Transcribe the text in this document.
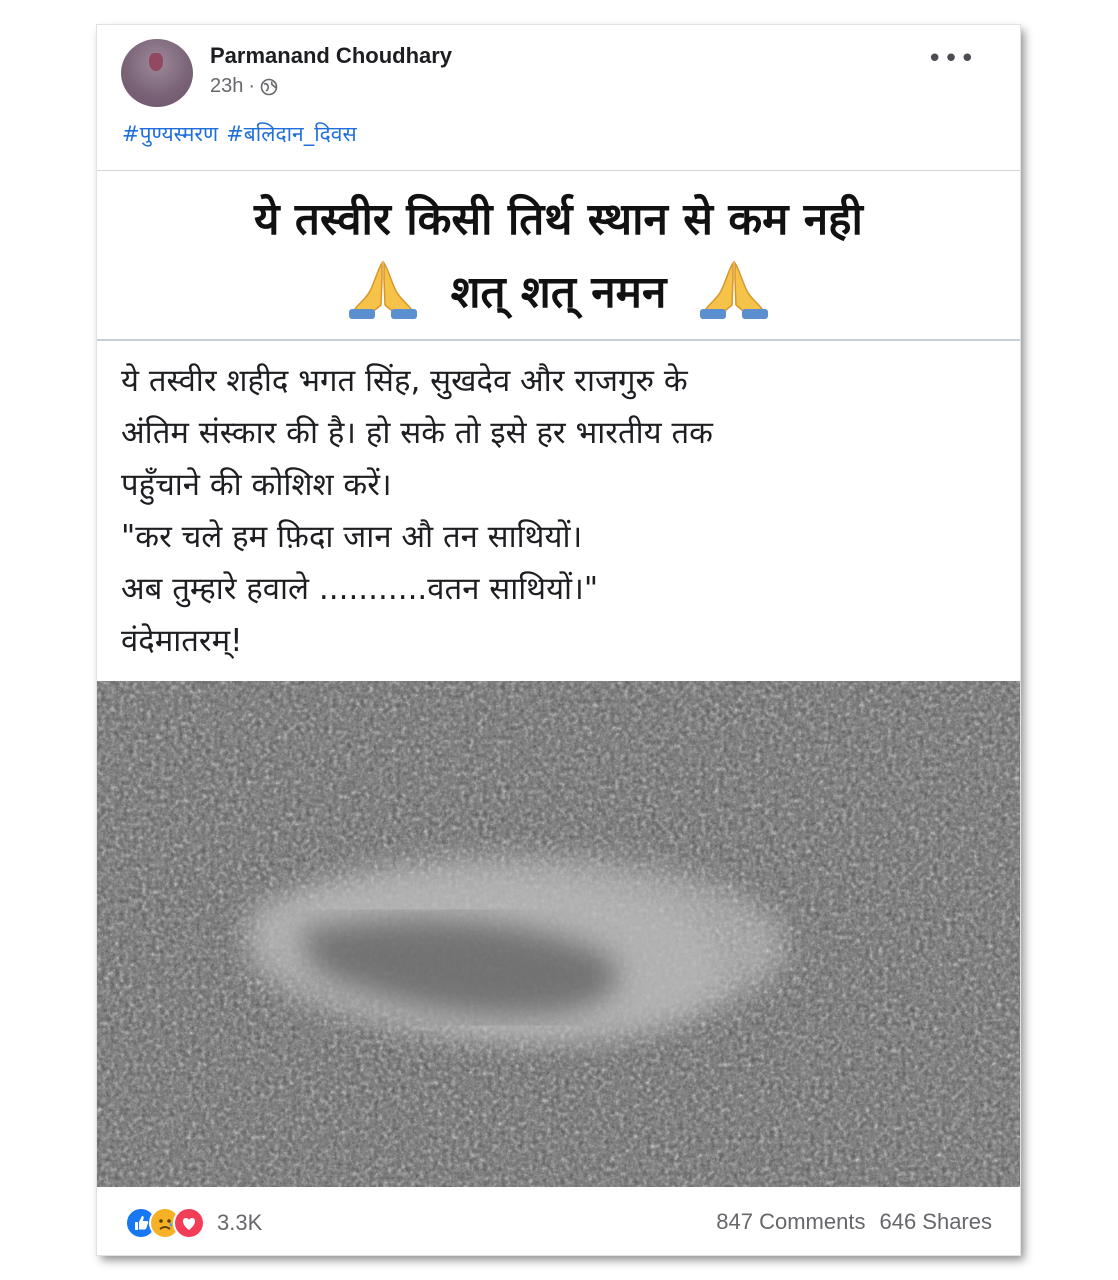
Parmanand Choudhary
23h ·
•••
#पुण्यस्मरण #बलिदान_दिवस
ये तस्वीर किसी तिर्थ स्थान से कम नही
शत् शत् नमन
ये तस्वीर शहीद भगत सिंह, सुखदेव और राजगुरु के
अंतिम संस्कार की है। हो सके तो इसे हर भारतीय तक
पहुँचाने की कोशिश करें।
"कर चले हम फ़िदा जान औ तन साथियों।
अब तुम्हारे हवाले ...........वतन साथियों।"
वंदेमातरम्!
3.3K	847 Comments 646 Shares
